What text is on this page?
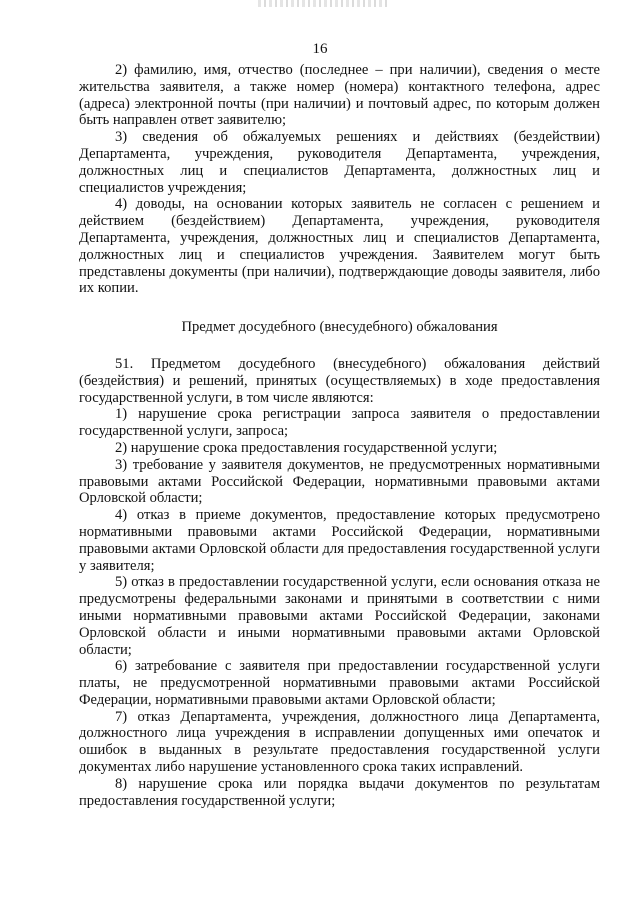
16

2) фамилию, имя, отчество (последнее – при наличии), сведения о месте жительства заявителя, а также номер (номера) контактного телефона, адрес (адреса) электронной почты (при наличии) и почтовый адрес, по которым должен быть направлен ответ заявителю;

3) сведения об обжалуемых решениях и действиях (бездействии) Департамента, учреждения, руководителя Департамента, учреждения, должностных лиц и специалистов Департамента, должностных лиц и специалистов учреждения;

4) доводы, на основании которых заявитель не согласен с решением и действием (бездействием) Департамента, учреждения, руководителя Департамента, учреждения, должностных лиц и специалистов Департамента, должностных лиц и специалистов учреждения. Заявителем могут быть представлены документы (при наличии), подтверждающие доводы заявителя, либо их копии.

Предмет досудебного (внесудебного) обжалования

51. Предметом досудебного (внесудебного) обжалования действий (бездействия) и решений, принятых (осуществляемых) в ходе предоставления государственной услуги, в том числе являются:

1) нарушение срока регистрации запроса заявителя о предоставлении государственной услуги, запроса;

2) нарушение срока предоставления государственной услуги;

3) требование у заявителя документов, не предусмотренных нормативными правовыми актами Российской Федерации, нормативными правовыми актами Орловской области;

4) отказ в приеме документов, предоставление которых предусмотрено нормативными правовыми актами Российской Федерации, нормативными правовыми актами Орловской области для предоставления государственной услуги у заявителя;

5) отказ в предоставлении государственной услуги, если основания отказа не предусмотрены федеральными законами и принятыми в соответствии с ними иными нормативными правовыми актами Российской Федерации, законами Орловской области и иными нормативными правовыми актами Орловской области;

6) затребование с заявителя при предоставлении государственной услуги платы, не предусмотренной нормативными правовыми актами Российской Федерации, нормативными правовыми актами Орловской области;

7) отказ Департамента, учреждения, должностного лица Департамента, должностного лица учреждения в исправлении допущенных ими опечаток и ошибок в выданных в результате предоставления государственной услуги документах либо нарушение установленного срока таких исправлений.

8) нарушение срока или порядка выдачи документов по результатам предоставления государственной услуги;
